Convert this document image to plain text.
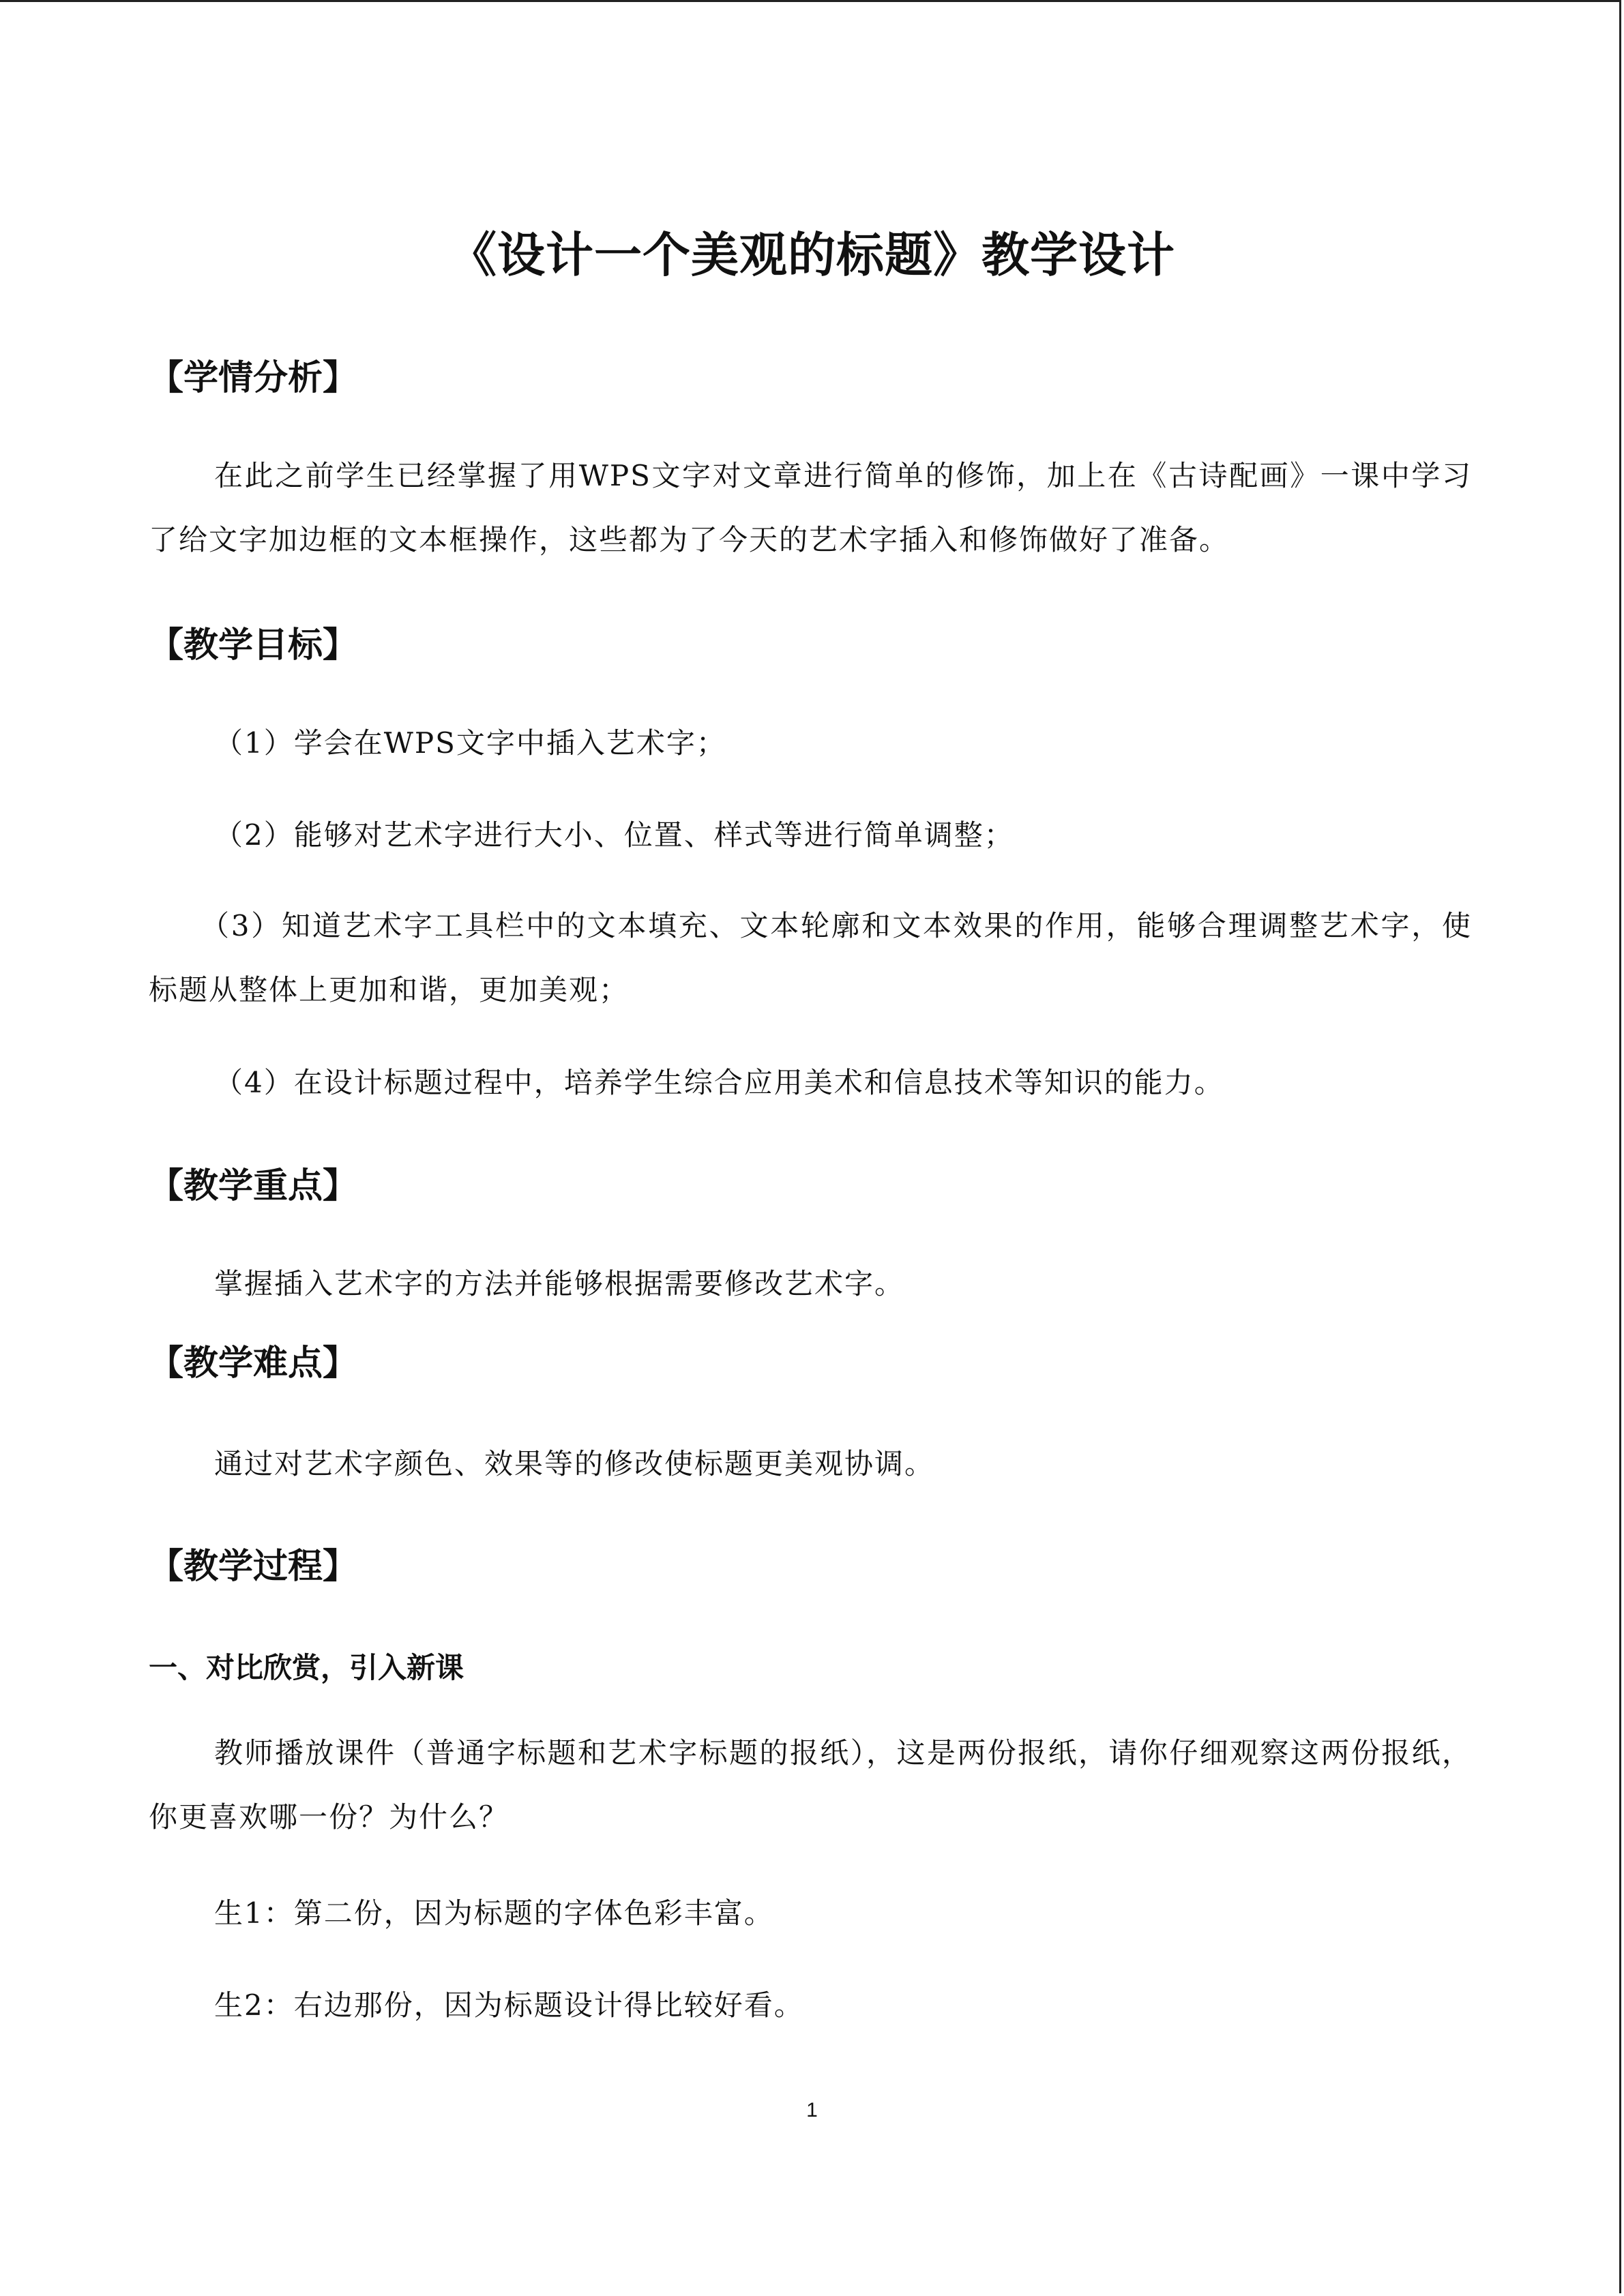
《设计一个美观的标题》教学设计
【学情分析】

在此之前学生已经掌握了用WPS文字对文章进行简单的修饰，加上在《古诗配画》一课中学习了给文字加边框的文本框操作，这些都为了今天的艺术字插入和修饰做好了准备。

【教学目标】

（1）学会在WPS文字中插入艺术字；

（2）能够对艺术字进行大小、位置、样式等进行简单调整；

（3）知道艺术字工具栏中的文本填充、文本轮廓和文本效果的作用，能够合理调整艺术字，使标题从整体上更加和谐，更加美观；

（4）在设计标题过程中，培养学生综合应用美术和信息技术等知识的能力。

【教学重点】

掌握插入艺术字的方法并能够根据需要修改艺术字。

【教学难点】

通过对艺术字颜色、效果等的修改使标题更美观协调。

【教学过程】
一、对比欣赏，引入新课

教师播放课件（普通字标题和艺术字标题的报纸），这是两份报纸，请你仔细观察这两份报纸，你更喜欢哪一份？为什么？

生1：第二份，因为标题的字体色彩丰富。

生2：右边那份，因为标题设计得比较好看。

1
